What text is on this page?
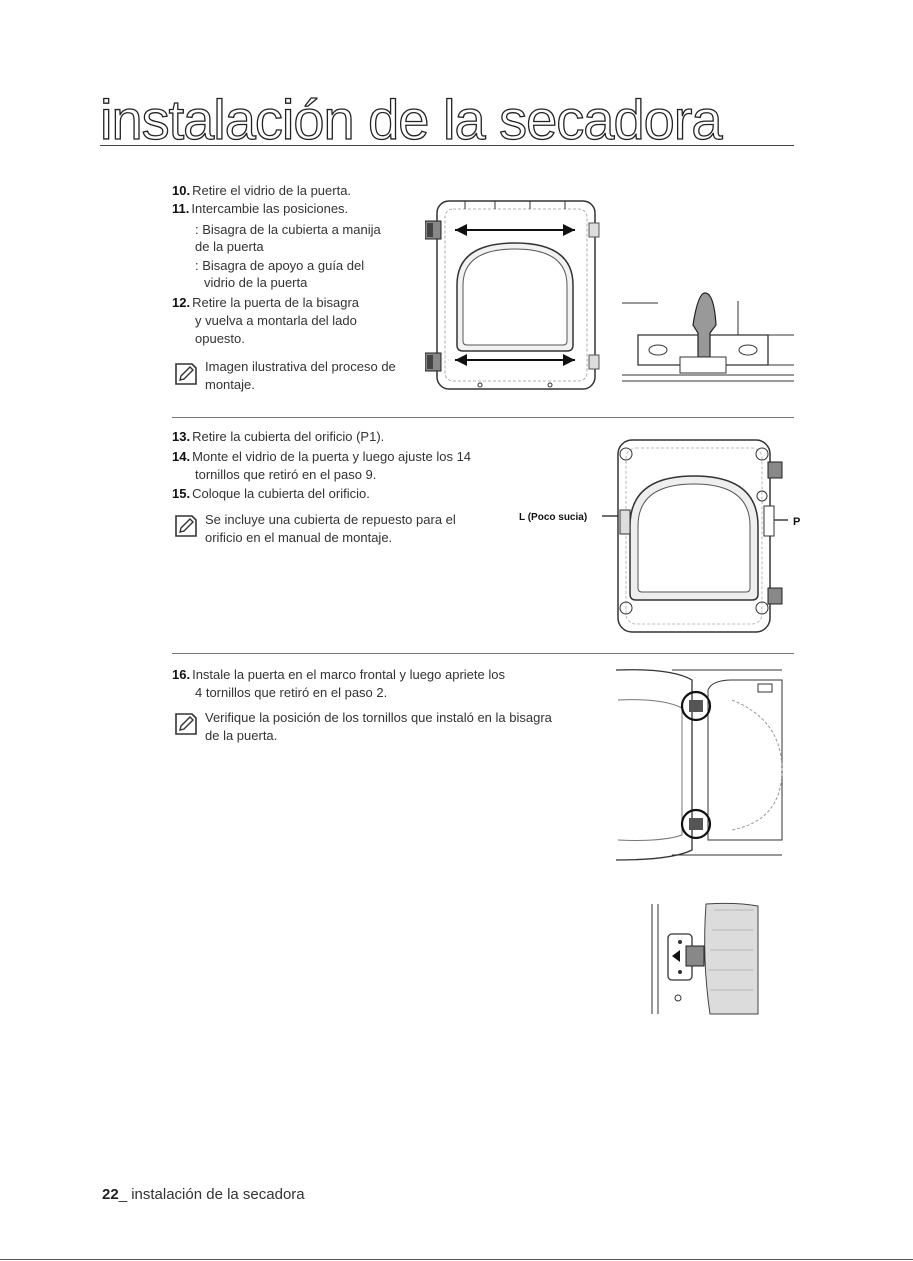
instalación de la secadora
10. Retire el vidrio de la puerta.
11. Intercambie las posiciones.
: Bisagra de la cubierta a manija
de la puerta
: Bisagra de apoyo a guía del
vidrio de la puerta
12. Retire la puerta de la bisagra
y vuelva a montarla del lado
opuesto.
Imagen ilustrativa del proceso de
montaje.
13. Retire la cubierta del orificio (P1).
14. Monte el vidrio de la puerta y luego ajuste los 14
tornillos que retiró en el paso 9.
15. Coloque la cubierta del orificio.
Se incluye una cubierta de repuesto para el
orificio en el manual de montaje.
L (Poco sucia)	P
16. Instale la puerta en el marco frontal y luego apriete los
4 tornillos que retiró en el paso 2.
Verifique la posición de los tornillos que instaló en la bisagra
de la puerta.
22_ instalación de la secadora
